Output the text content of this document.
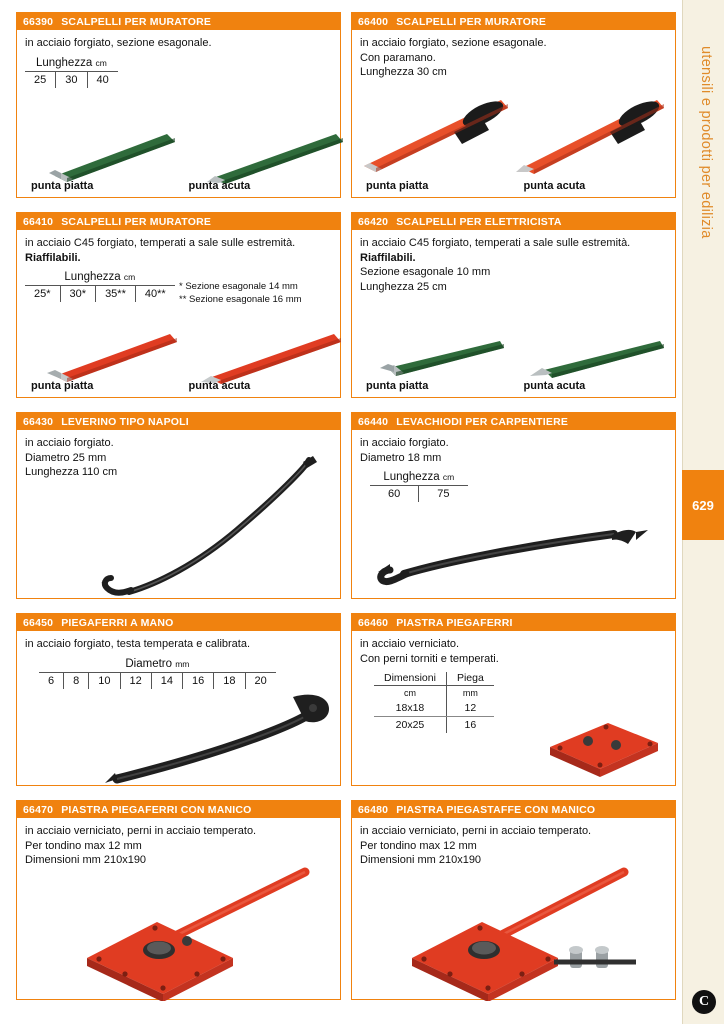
utensili e prodotti per edilizia
629
C
66390 SCALPELLI PER MURATORE
in acciaio forgiato, sezione esagonale.
Lunghezza cm
25	30	40
punta piatta	punta acuta
66400 SCALPELLI PER MURATORE
in acciaio forgiato, sezione esagonale.
Con paramano.
Lunghezza 30 cm
punta piatta	punta acuta
66410 SCALPELLI PER MURATORE
in acciaio C45 forgiato, temperati a sale sulle estremità.
Riaffilabili.
Lunghezza cm
25*	30*	35**	40**
* Sezione esagonale 14 mm
** Sezione esagonale 16 mm
punta piatta	punta acuta
66420 SCALPELLI PER ELETTRICISTA
in acciaio C45 forgiato, temperati a sale sulle estremità.
Riaffilabili.
Sezione esagonale 10 mm
Lunghezza 25 cm
punta piatta	punta acuta
66430 LEVERINO TIPO NAPOLI
in acciaio forgiato.
Diametro 25 mm
Lunghezza 110 cm
66440 LEVACHIODI PER CARPENTIERE
in acciaio forgiato.
Diametro 18 mm
Lunghezza cm
60	75
66450 PIEGAFERRI A MANO
in acciaio forgiato, testa temperata e calibrata.
Diametro mm
6	8	10	12	14	16	18	20
66460 PIASTRA PIEGAFERRI
in acciaio verniciato.
Con perni torniti e temperati.
Dimensioni	Piega
cm	mm
18x18	12
20x25	16
66470 PIASTRA PIEGAFERRI CON MANICO
in acciaio verniciato, perni in acciaio temperato.
Per tondino max 12 mm
Dimensioni mm 210x190
66480 PIASTRA PIEGASTAFFE CON MANICO
in acciaio verniciato, perni in acciaio temperato.
Per tondino max 12 mm
Dimensioni mm 210x190
